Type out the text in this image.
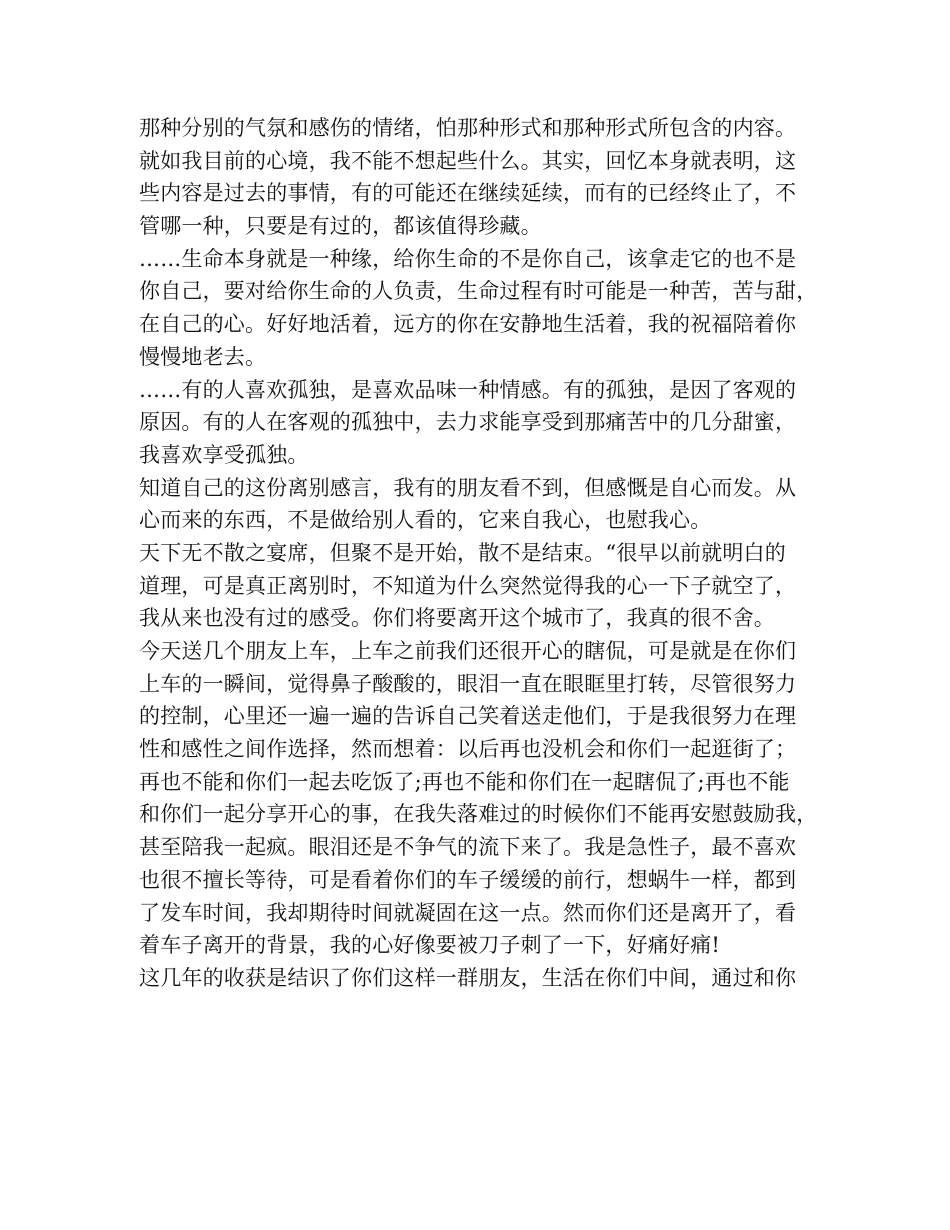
那种分别的气氛和感伤的情绪，怕那种形式和那种形式所包含的内容。
就如我目前的心境，我不能不想起些什么。其实，回忆本身就表明，这
些内容是过去的事情，有的可能还在继续延续，而有的已经终止了，不
管哪一种，只要是有过的，都该值得珍藏。
……生命本身就是一种缘，给你生命的不是你自己，该拿走它的也不是
你自己，要对给你生命的人负责，生命过程有时可能是一种苦，苦与甜，
在自己的心。好好地活着，远方的你在安静地生活着，我的祝福陪着你
慢慢地老去。
……有的人喜欢孤独，是喜欢品味一种情感。有的孤独，是因了客观的
原因。有的人在客观的孤独中，去力求能享受到那痛苦中的几分甜蜜，
我喜欢享受孤独。
知道自己的这份离别感言，我有的朋友看不到，但感慨是自心而发。从
心而来的东西，不是做给别人看的，它来自我心，也慰我心。
天下无不散之宴席，但聚不是开始，散不是结束。“很早以前就明白的
道理，可是真正离别时，不知道为什么突然觉得我的心一下子就空了，
我从来也没有过的感受。你们将要离开这个城市了，我真的很不舍。
今天送几个朋友上车，上车之前我们还很开心的瞎侃，可是就是在你们
上车的一瞬间，觉得鼻子酸酸的，眼泪一直在眼眶里打转，尽管很努力
的控制，心里还一遍一遍的告诉自己笑着送走他们，于是我很努力在理
性和感性之间作选择，然而想着：以后再也没机会和你们一起逛街了；
再也不能和你们一起去吃饭了;再也不能和你们在一起瞎侃了;再也不能
和你们一起分享开心的事，在我失落难过的时候你们不能再安慰鼓励我，
甚至陪我一起疯。眼泪还是不争气的流下来了。我是急性子，最不喜欢
也很不擅长等待，可是看着你们的车子缓缓的前行，想蜗牛一样，都到
了发车时间，我却期待时间就凝固在这一点。然而你们还是离开了，看
着车子离开的背景，我的心好像要被刀子刺了一下，好痛好痛!
这几年的收获是结识了你们这样一群朋友，生活在你们中间，通过和你
